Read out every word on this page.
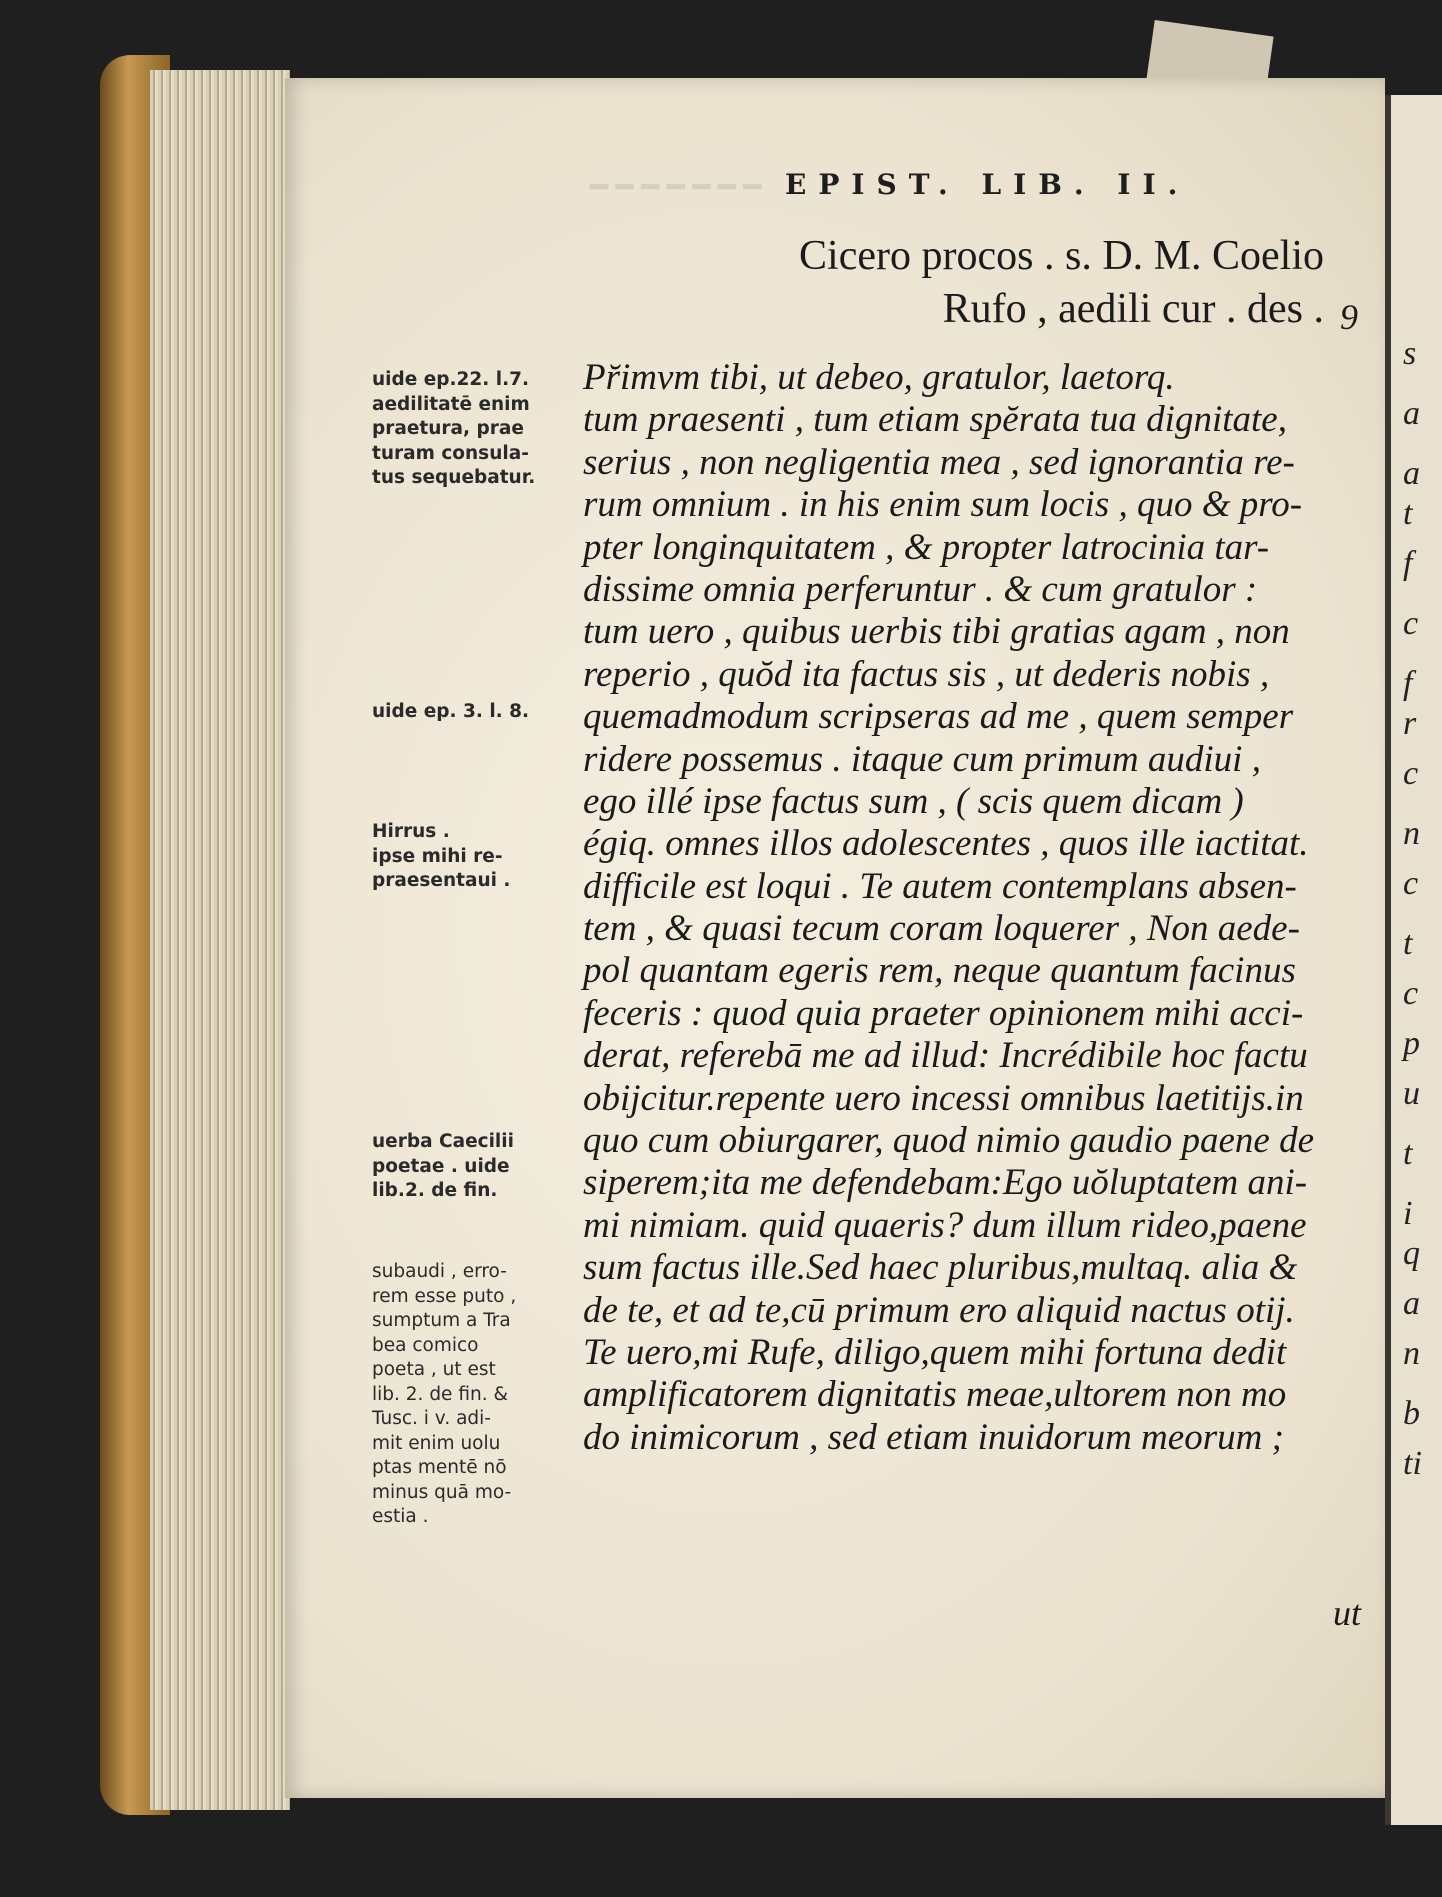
s
a
a
t
f
c
f
r
c
n
c
t
c
p
u
t
i
q
a
n
b
ti
━ ━ ━ ━ ━ ━ ━ EPIST. LIB. II.
Cicero procos . s. D. M. Coelio
Rufo , aedili cur . des . 9
Pr̆imvm tibi, ut debeo, gratulor, laetorq.
tum praesenti , tum etiam spĕrata tua dignitate,
serius , non negligentia mea , sed ignorantia re-
rum omnium . in his enim sum locis , quo & pro-
pter longinquitatem , & propter latrocinia tar-
dissime omnia perferuntur . & cum gratulor :
tum uero , quibus uerbis tibi gratias agam , non
reperio , quŏd ita factus sis , ut dederis nobis ,
quemadmodum scripseras ad me , quem semper
ridere possemus . itaque cum primum audiui ,
ego illé ipse factus sum , ( scis quem dicam )
égiq. omnes illos adolescentes , quos ille iactitat.
difficile est loqui . Te autem contemplans absen-
tem , & quasi tecum coram loquerer , Non aede-
pol quantam egeris rem, neque quantum facinus
feceris : quod quia praeter opinionem mihi acci-
derat, referebā me ad illud: Incrédibile hoc factu
obijcitur.repente uero incessi omnibus laetitijs.in
quo cum obiurgarer, quod nimio gaudio paene de
siperem;ita me defendebam:Ego uŏluptatem ani-
mi nimiam. quid quaeris? dum illum rideo,paene
sum factus ille.Sed haec pluribus,multaq. alia &
de te, et ad te,cū primum ero aliquid nactus otij.
Te uero,mi Rufe, diligo,quem mihi fortuna dedit
amplificatorem dignitatis meae,ultorem non mo
do inimicorum , sed etiam inuidorum meorum ;
ut
uide ep.22. l.7.
aedilitatē enim
praetura, prae
turam consula-
tus sequebatur.
uide ep. 3. l. 8.
Hirrus .
ipse mihi re-
praesentaui .
uerba Caecilii
poetae . uide
lib.2. de fin.
subaudi , erro-
rem esse puto ,
sumptum a Tra
bea comico
poeta , ut est
lib. 2. de fin. &
Tusc. i v. adi-
mit enim uolu
ptas mentē nō
minus quā mo-
estia .
